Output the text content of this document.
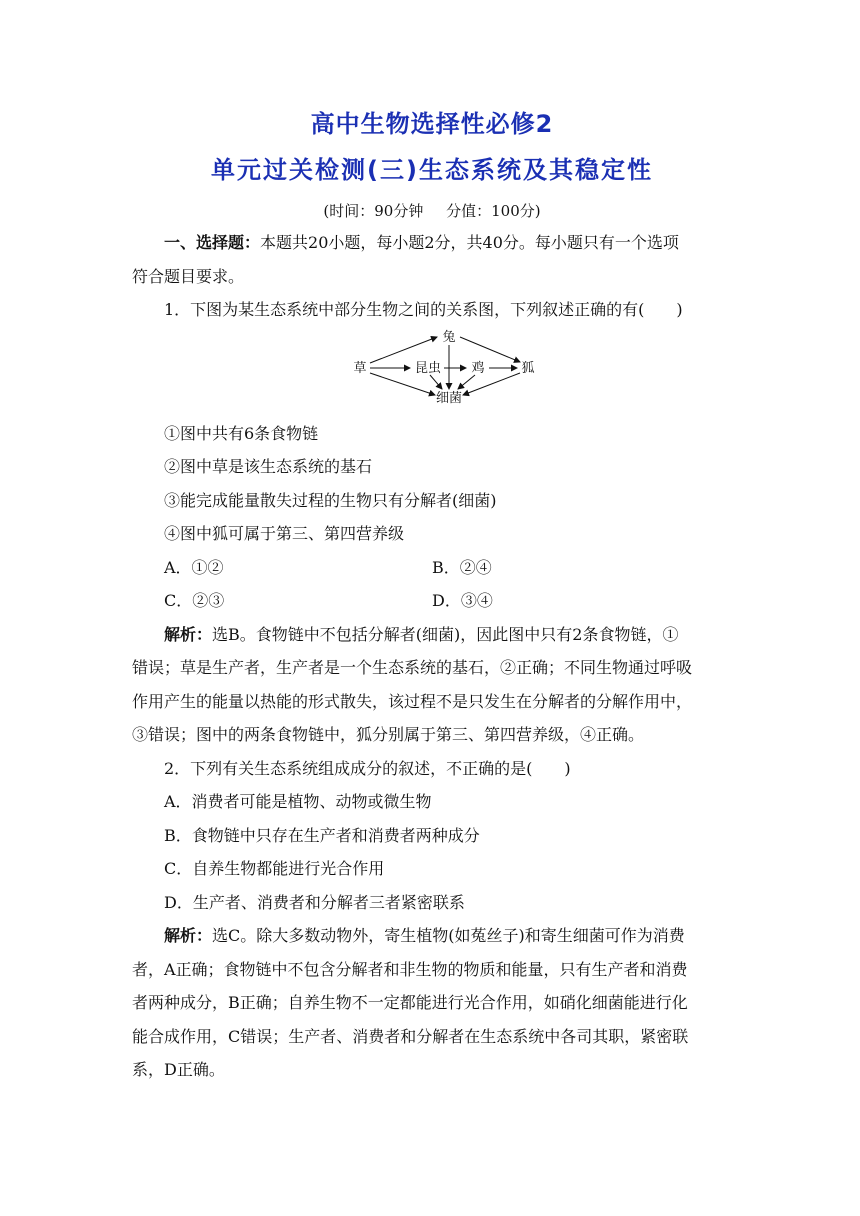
高中生物选择性必修2
单元过关检测(三)生态系统及其稳定性
(时间：90分钟 分值：100分)

一、选择题：本题共20小题，每小题2分，共40分。每小题只有一个选项

符合题目要求。

1．下图为某生态系统中部分生物之间的关系图，下列叙述正确的有(　　)

兔
草	昆虫 鸡	狐
细菌

①图中共有6条食物链

②图中草是该生态系统的基石

③能完成能量散失过程的生物只有分解者(细菌)

④图中狐可属于第三、第四营养级

A．①②	B．②④
C．②③	D．③④

解析：选B。食物链中不包括分解者(细菌)，因此图中只有2条食物链，①

错误；草是生产者，生产者是一个生态系统的基石，②正确；不同生物通过呼吸

作用产生的能量以热能的形式散失，该过程不是只发生在分解者的分解作用中，

③错误；图中的两条食物链中，狐分别属于第三、第四营养级，④正确。

2．下列有关生态系统组成成分的叙述，不正确的是(　　)

A．消费者可能是植物、动物或微生物

B．食物链中只存在生产者和消费者两种成分

C．自养生物都能进行光合作用

D．生产者、消费者和分解者三者紧密联系

解析：选C。除大多数动物外，寄生植物(如菟丝子)和寄生细菌可作为消费

者，A正确；食物链中不包含分解者和非生物的物质和能量，只有生产者和消费

者两种成分，B正确；自养生物不一定都能进行光合作用，如硝化细菌能进行化

能合成作用，C错误；生产者、消费者和分解者在生态系统中各司其职，紧密联

系，D正确。
